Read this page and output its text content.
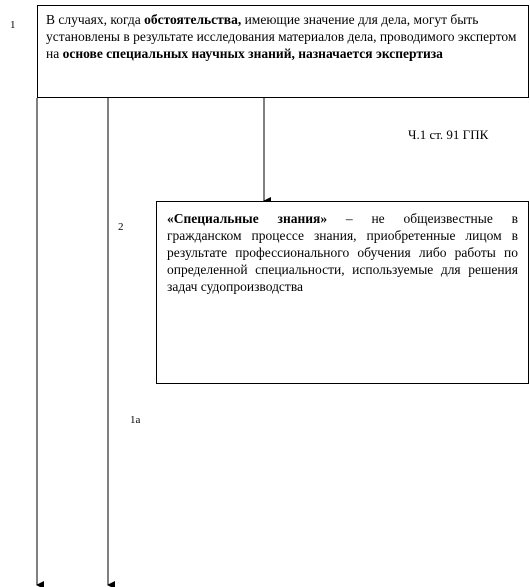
1
2
1a
В случаях, когда обстоятельства, имеющие значение для дела, могут быть установлены в результате исследования материалов дела, проводимого экспертом на основе специальных научных знаний, назначается экспертиза
Ч.1 ст. 91 ГПК
«Специальные знания» – не общеизвестные в гражданском процессе знания, приобретенные лицом в результате профессионального обучения либо работы по определенной специальности, используемые для решения задач судопроизводства
